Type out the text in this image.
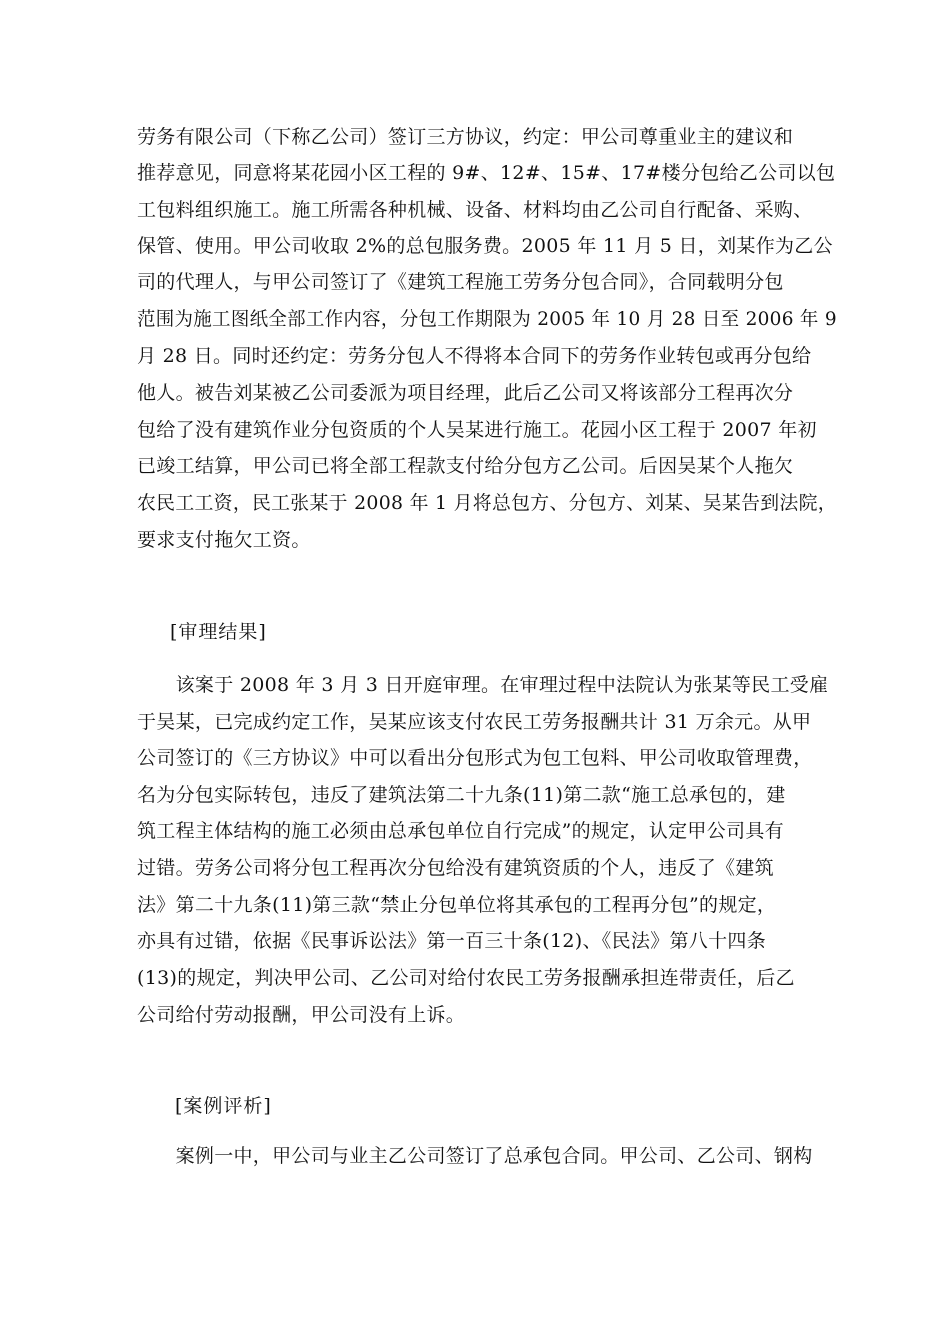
劳务有限公司（下称乙公司）签订三方协议，约定：甲公司尊重业主的建议和
推荐意见，同意将某花园小区工程的 9#、12#、15#、17#楼分包给乙公司以包
工包料组织施工。施工所需各种机械、设备、材料均由乙公司自行配备、采购、
保管、使用。甲公司收取 2%的总包服务费。2005 年 11 月 5 日，刘某作为乙公
司的代理人，与甲公司签订了《建筑工程施工劳务分包合同》，合同载明分包
范围为施工图纸全部工作内容，分包工作期限为 2005 年 10 月 28 日至 2006 年 9
月 28 日。同时还约定：劳务分包人不得将本合同下的劳务作业转包或再分包给
他人。被告刘某被乙公司委派为项目经理，此后乙公司又将该部分工程再次分
包给了没有建筑作业分包资质的个人吴某进行施工。花园小区工程于 2007 年初
已竣工结算，甲公司已将全部工程款支付给分包方乙公司。后因吴某个人拖欠
农民工工资，民工张某于 2008 年 1 月将总包方、分包方、刘某、吴某告到法院，
要求支付拖欠工资。
[审理结果]
　　该案于 2008 年 3 月 3 日开庭审理。在审理过程中法院认为张某等民工受雇
于吴某，已完成约定工作，吴某应该支付农民工劳务报酬共计 31 万余元。从甲
公司签订的《三方协议》中可以看出分包形式为包工包料、甲公司收取管理费，
名为分包实际转包，违反了建筑法第二十九条(11)第二款“施工总承包的，建
筑工程主体结构的施工必须由总承包单位自行完成”的规定，认定甲公司具有
过错。劳务公司将分包工程再次分包给没有建筑资质的个人，违反了《建筑
法》第二十九条(11)第三款“禁止分包单位将其承包的工程再分包”的规定，
亦具有过错，依据《民事诉讼法》第一百三十条(12)、《民法》第八十四条
(13)的规定，判决甲公司、乙公司对给付农民工劳务报酬承担连带责任，后乙
公司给付劳动报酬，甲公司没有上诉。
[案例评析]
　　案例一中，甲公司与业主乙公司签订了总承包合同。甲公司、乙公司、钢构
